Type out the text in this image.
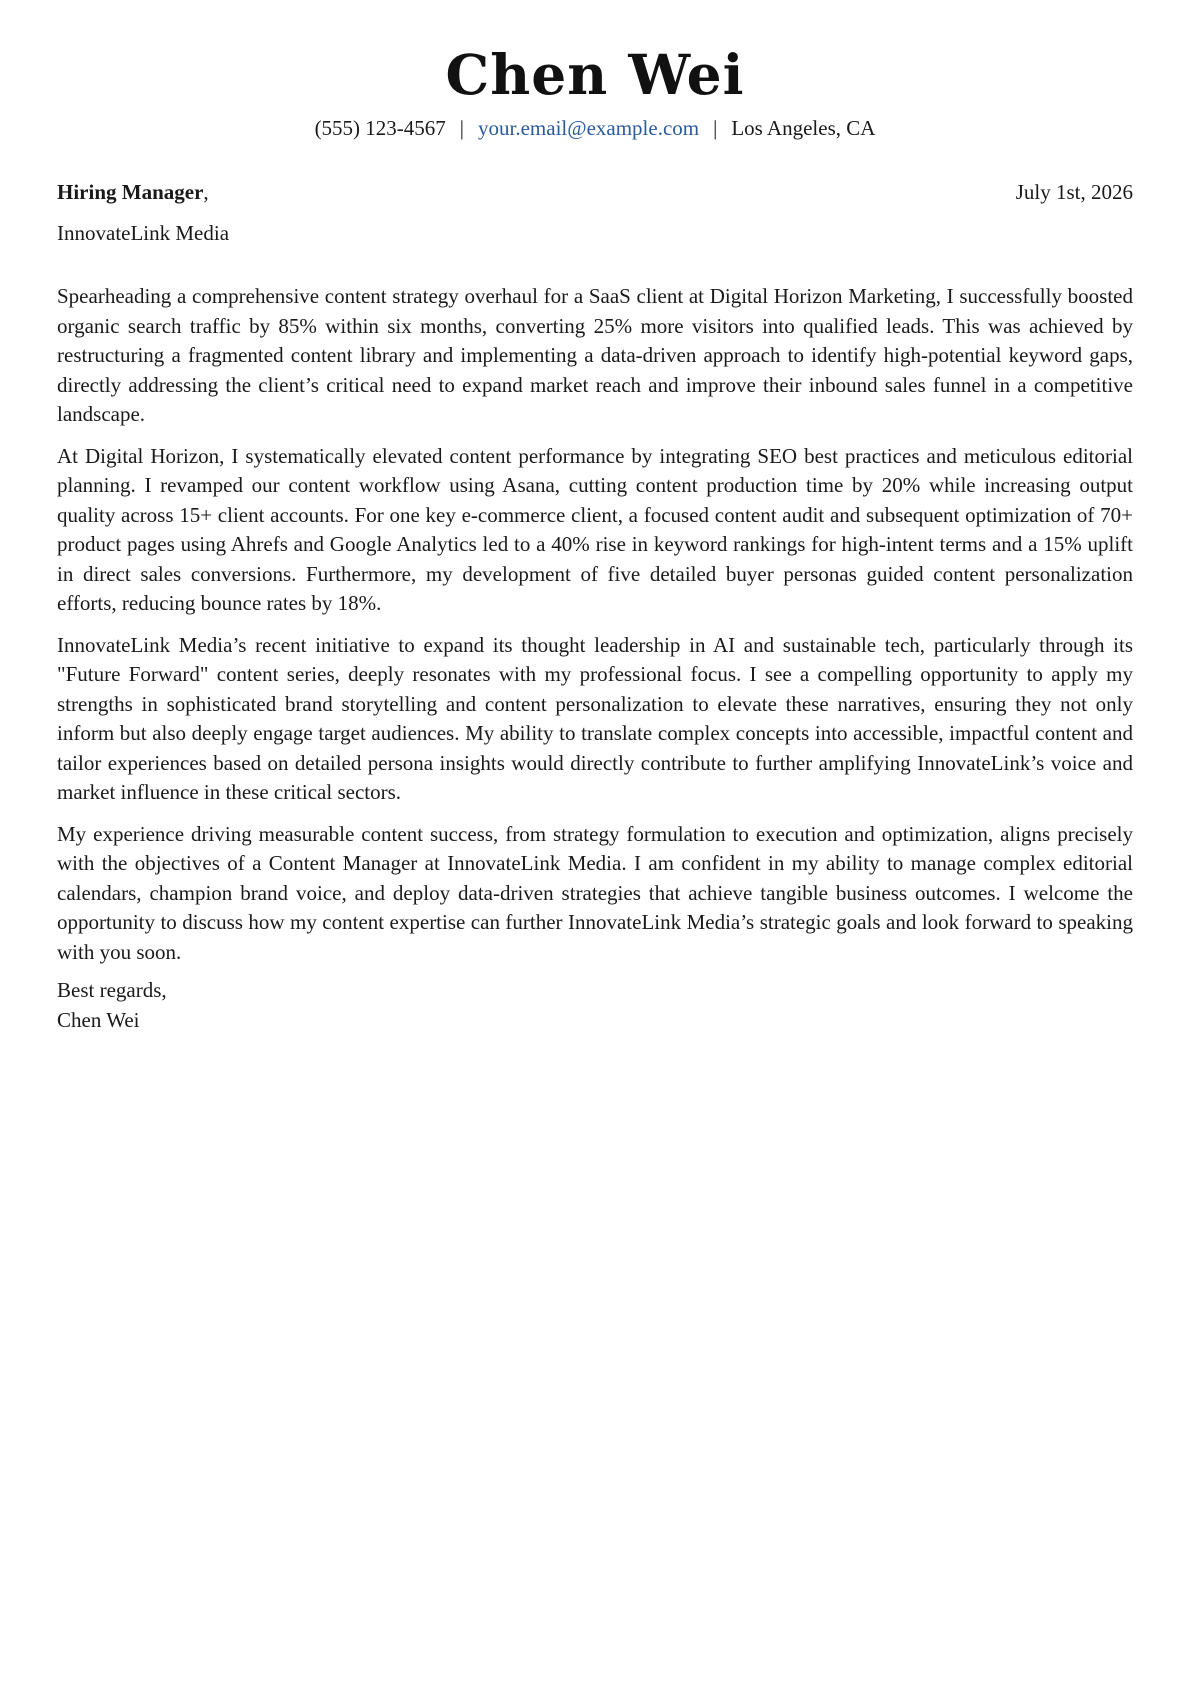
Chen Wei
(555) 123-4567 | your.email@example.com | Los Angeles, CA
Hiring Manager,	July 1st, 2026
InnovateLink Media

Spearheading a comprehensive content strategy overhaul for a SaaS client at Digital Horizon Marketing, I successfully boosted organic search traffic by 85% within six months, converting 25% more visitors into qualified leads. This was achieved by restructuring a fragmented content library and implementing a data-driven approach to identify high-potential keyword gaps, directly addressing the client’s critical need to expand market reach and improve their inbound sales funnel in a competitive landscape.

At Digital Horizon, I systematically elevated content performance by integrating SEO best practices and meticulous editorial planning. I revamped our content workflow using Asana, cutting content production time by 20% while increasing output quality across 15+ client accounts. For one key e-commerce client, a focused content audit and subsequent optimization of 70+ product pages using Ahrefs and Google Analytics led to a 40% rise in keyword rankings for high-intent terms and a 15% uplift in direct sales conversions. Furthermore, my development of five detailed buyer personas guided content personalization efforts, reducing bounce rates by 18%.

InnovateLink Media’s recent initiative to expand its thought leadership in AI and sustainable tech, particularly through its "Future Forward" content series, deeply resonates with my professional focus. I see a compelling opportunity to apply my strengths in sophisticated brand storytelling and content personalization to elevate these narratives, ensuring they not only inform but also deeply engage target audiences. My ability to translate complex concepts into accessible, impactful content and tailor experiences based on detailed persona insights would directly contribute to further amplifying InnovateLink’s voice and market influence in these critical sectors.

My experience driving measurable content success, from strategy formulation to execution and optimization, aligns precisely with the objectives of a Content Manager at InnovateLink Media. I am confident in my ability to manage complex editorial calendars, champion brand voice, and deploy data-driven strategies that achieve tangible business outcomes. I welcome the opportunity to discuss how my content expertise can further InnovateLink Media’s strategic goals and look forward to speaking with you soon.

Best regards,
Chen Wei
